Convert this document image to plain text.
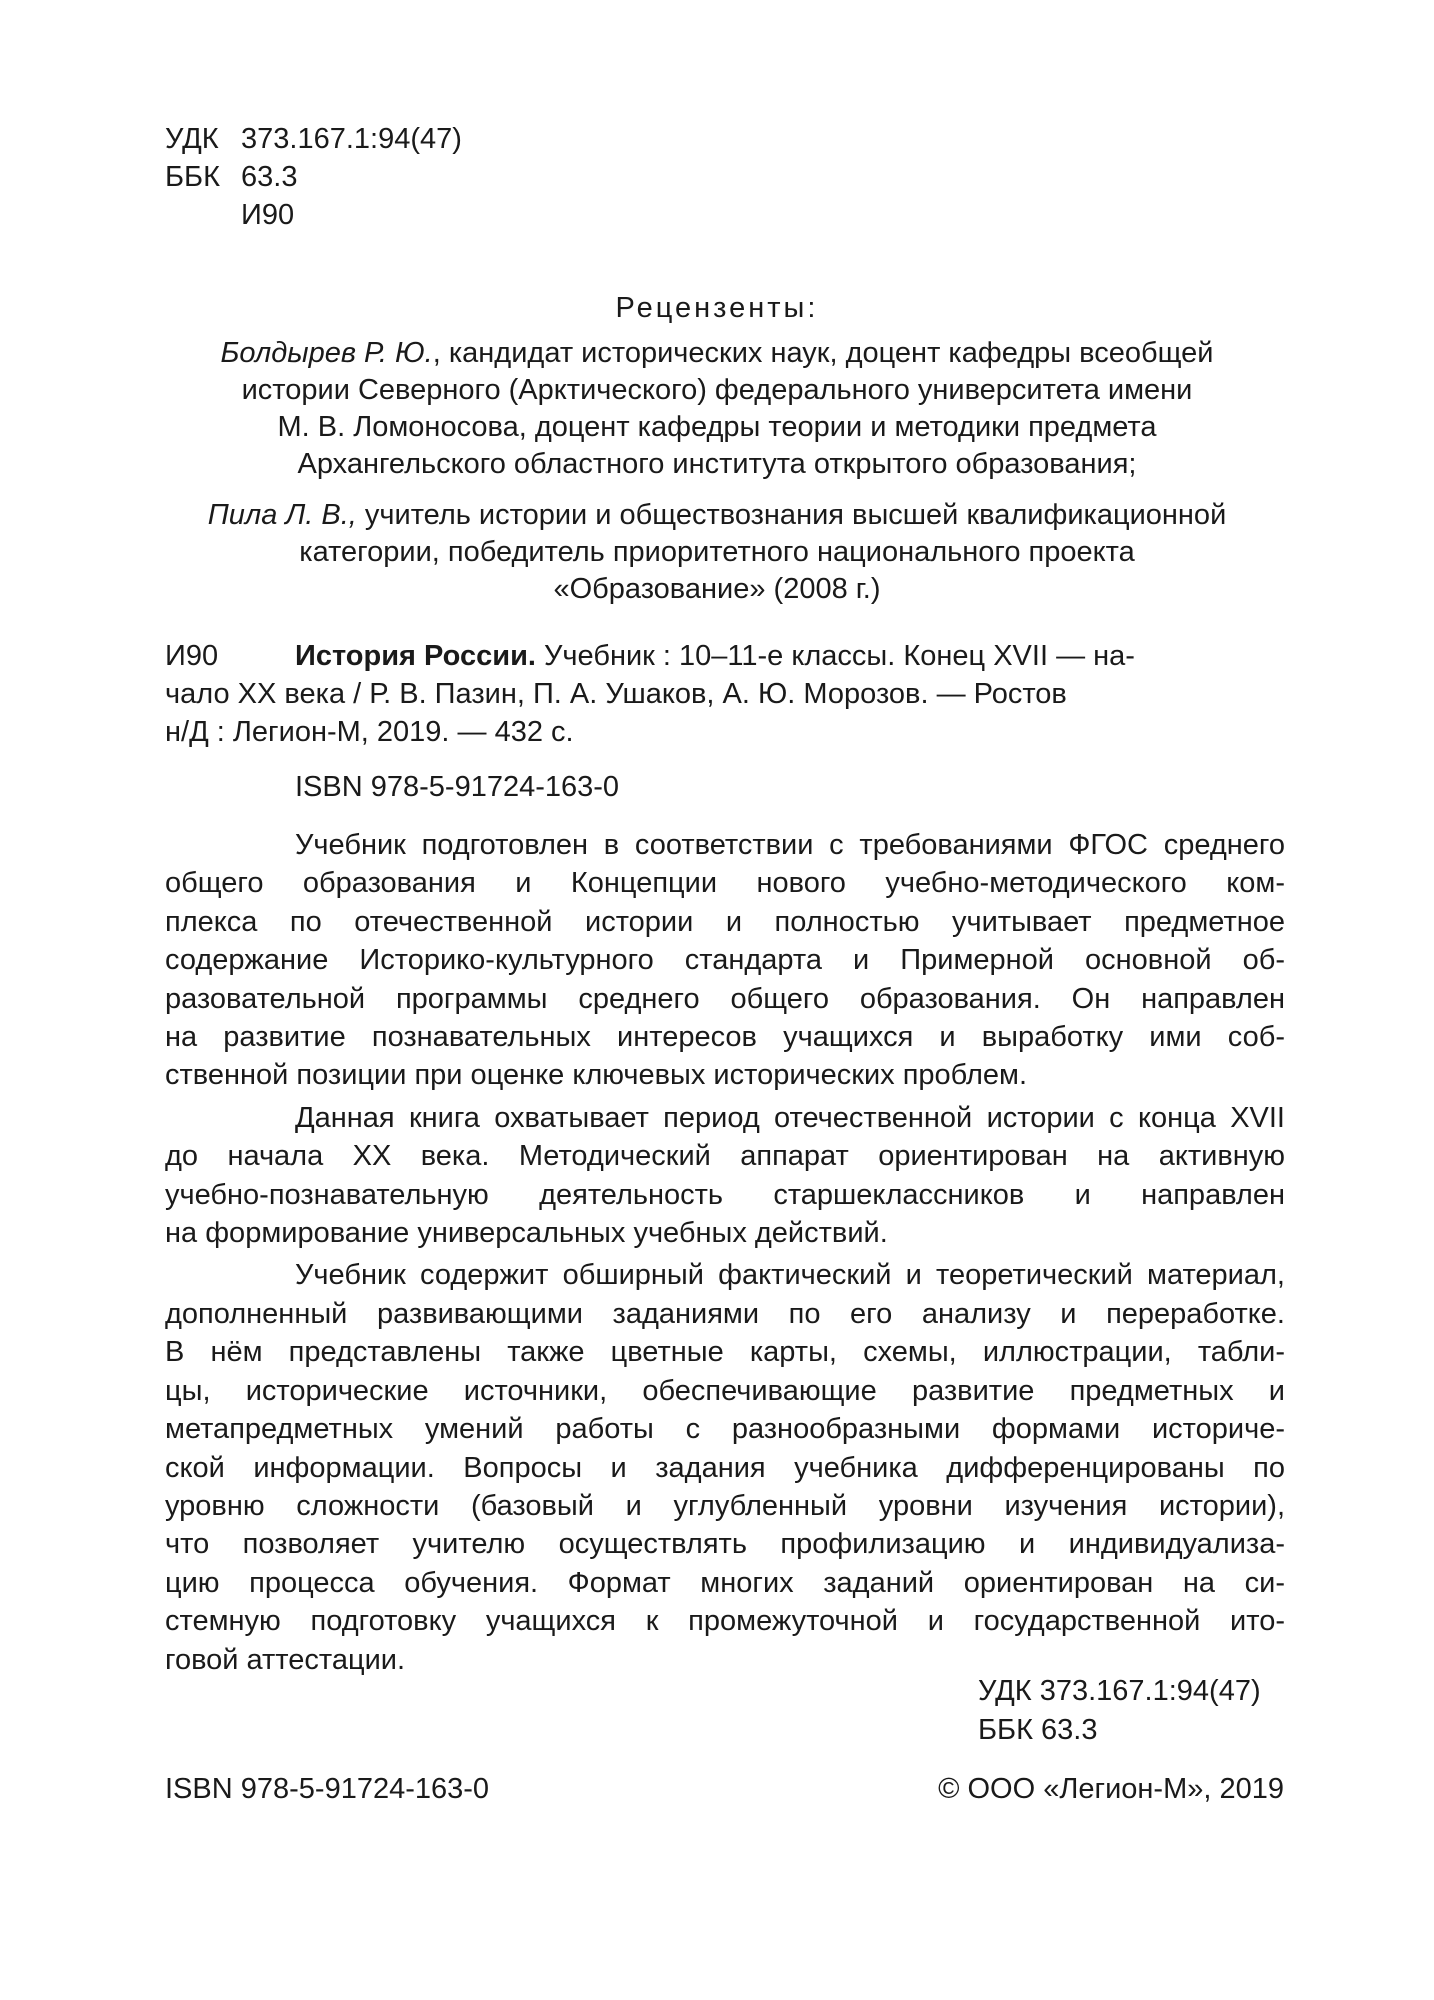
УДК 373.167.1:94(47)
ББК 63.3
И90
Рецензенты:
Болдырев Р. Ю., кандидат исторических наук, доцент кафедры всеобщей
истории Северного (Арктического) федерального университета имени
М. В. Ломоносова, доцент кафедры теории и методики предмета
Архангельского областного института открытого образования;
Пила Л. В., учитель истории и обществознания высшей квалификационной
категории, победитель приоритетного национального проекта
«Образование» (2008 г.)
И90	История России. Учебник : 10–11-е классы. Конец XVII — на-
чало XX века / Р. В. Пазин, П. А. Ушаков, А. Ю. Морозов. — Ростов
н/Д : Легион-М, 2019. — 432 с.
ISBN 978-5-91724-163-0

Учебник подготовлен в соответствии с требованиями ФГОС среднего
общего образования и Концепции нового учебно-методического ком-
плекса по отечественной истории и полностью учитывает предметное
содержание Историко-культурного стандарта и Примерной основной об-
разовательной программы среднего общего образования. Он направлен
на развитие познавательных интересов учащихся и выработку ими соб-
ственной позиции при оценке ключевых исторических проблем.

Данная книга охватывает период отечественной истории с конца XVII
до начала XX века. Методический аппарат ориентирован на активную
учебно-познавательную деятельность старшеклассников и направлен
на формирование универсальных учебных действий.

Учебник содержит обширный фактический и теоретический материал,
дополненный развивающими заданиями по его анализу и переработке.
В нём представлены также цветные карты, схемы, иллюстрации, табли-
цы, исторические источники, обеспечивающие развитие предметных и
метапредметных умений работы с разнообразными формами историче-
ской информации. Вопросы и задания учебника дифференцированы по
уровню сложности (базовый и углубленный уровни изучения истории),
что позволяет учителю осуществлять профилизацию и индивидуализа-
цию процесса обучения. Формат многих заданий ориентирован на си-
стемную подготовку учащихся к промежуточной и государственной ито-
говой аттестации.

УДК 373.167.1:94(47)
ББК 63.3
ISBN 978-5-91724-163-0	© ООО «Легион-М», 2019
